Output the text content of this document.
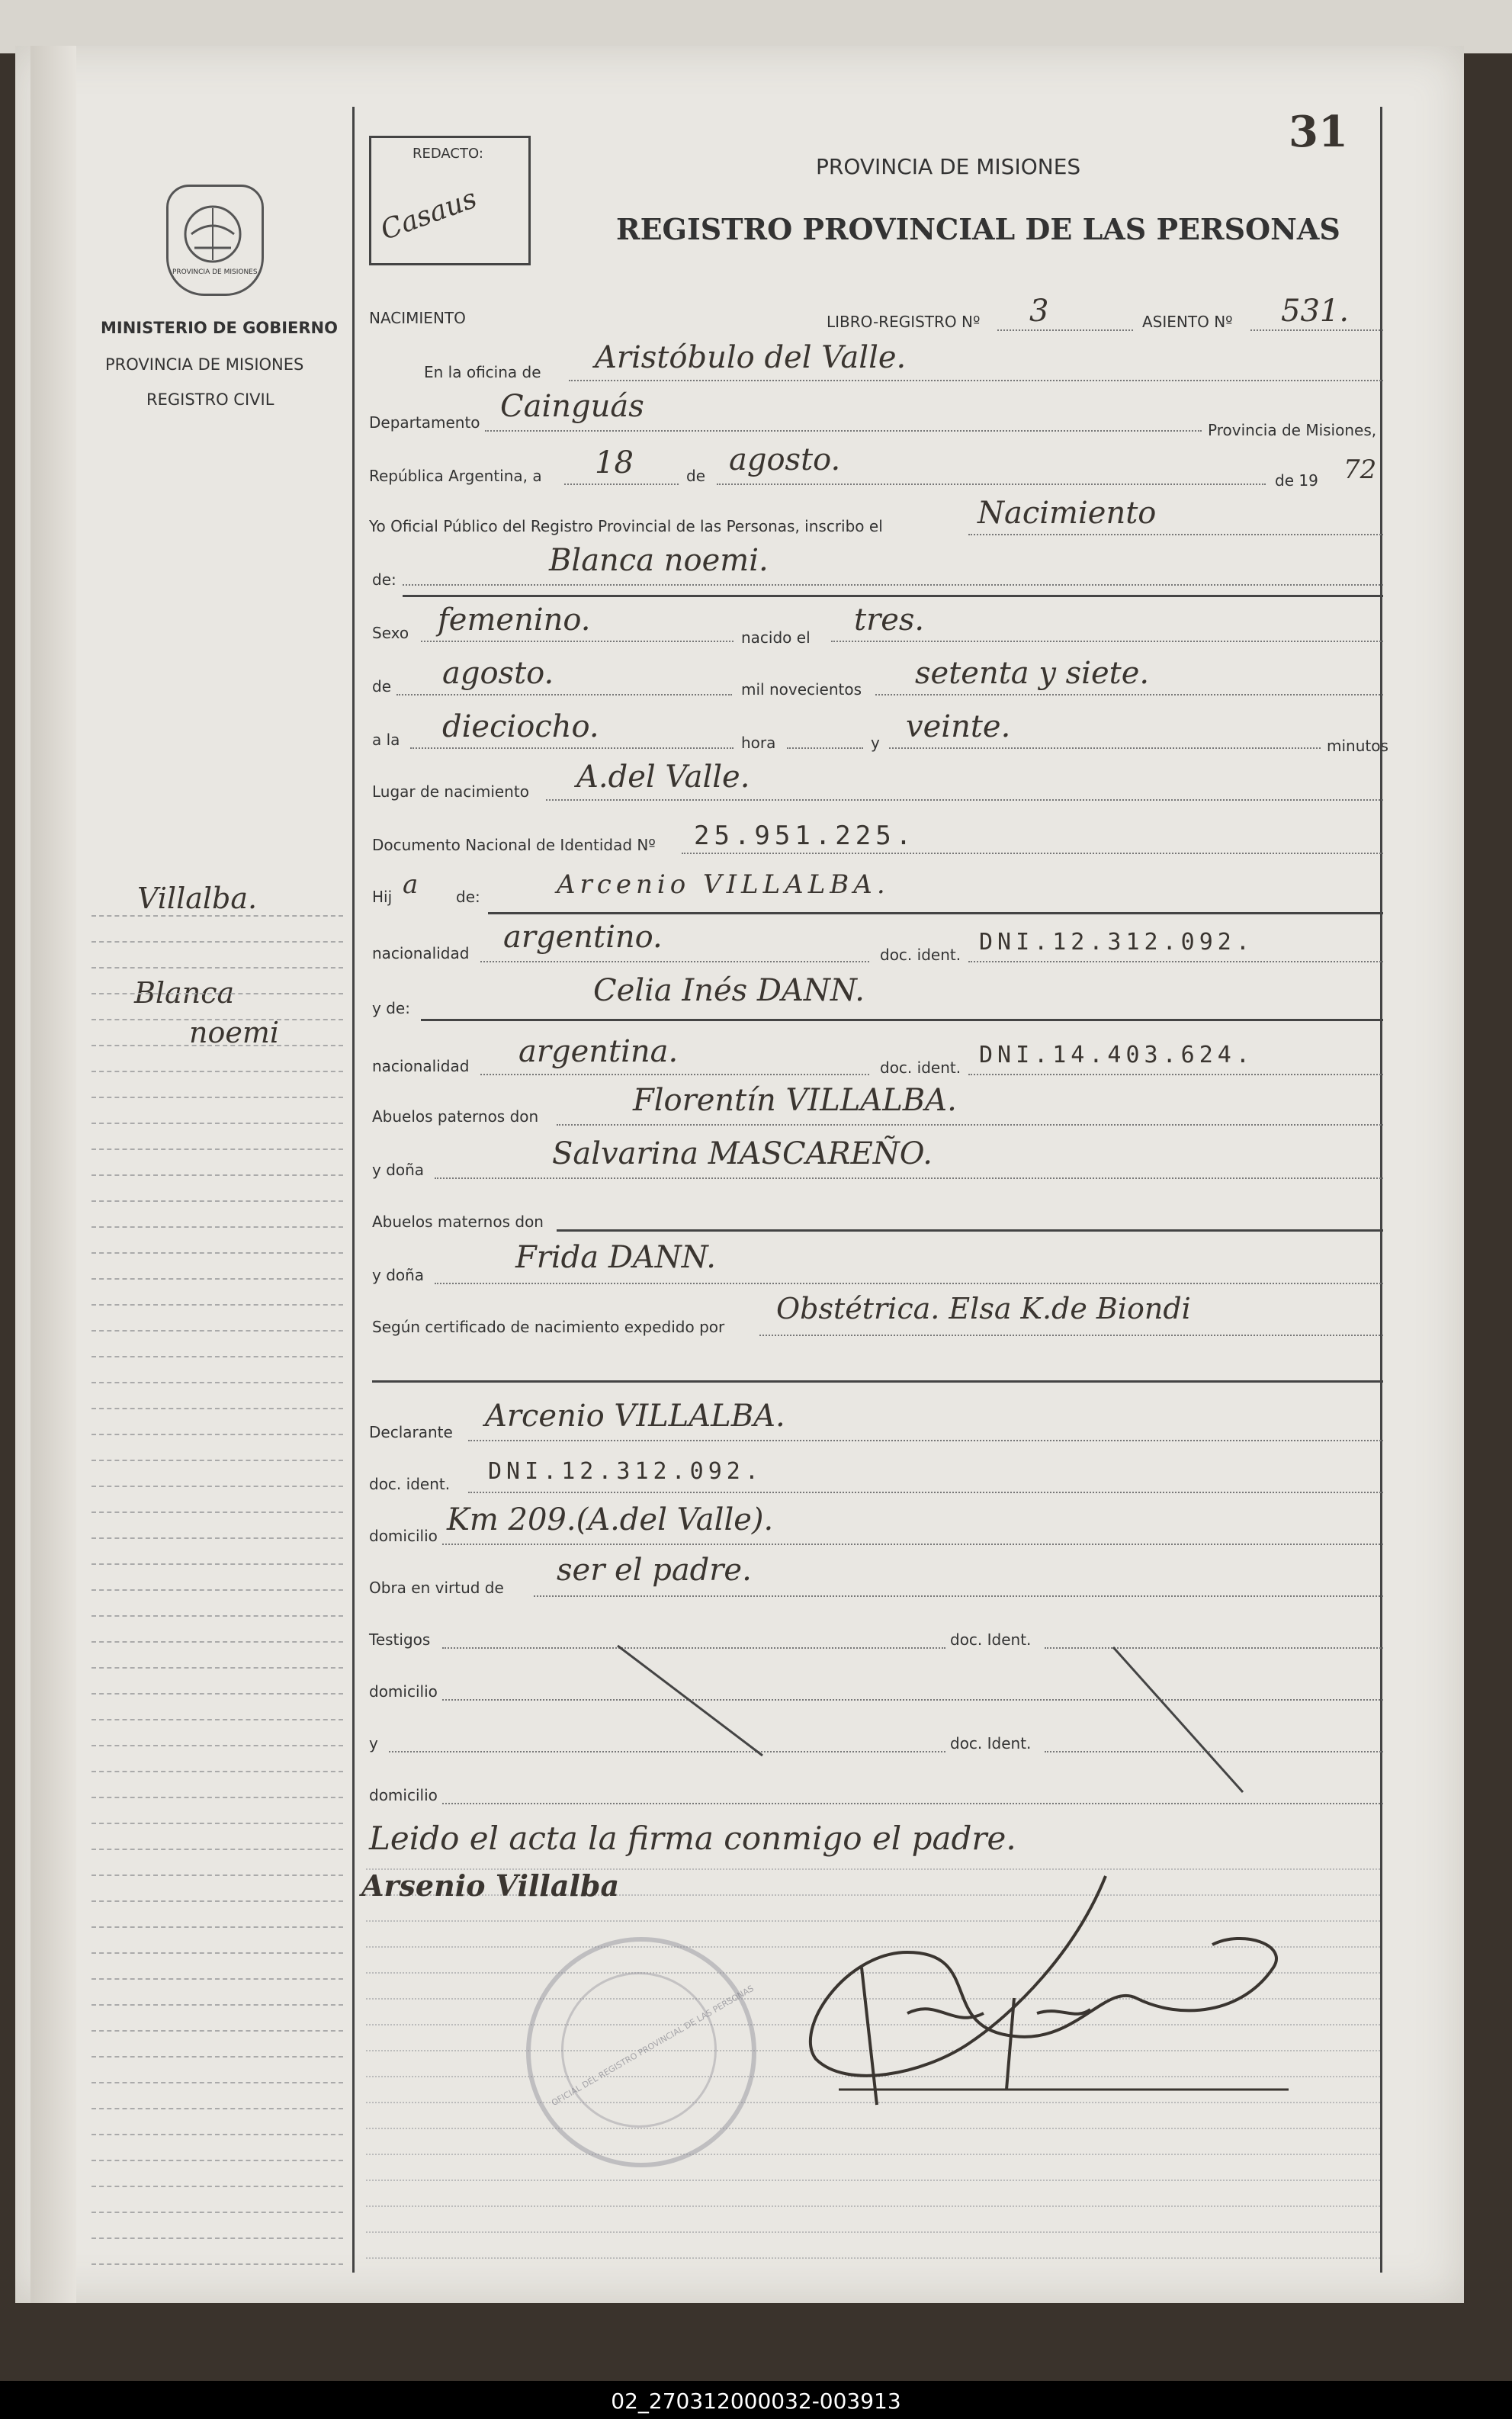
31
REDACTO:
Casaus
PROVINCIA DE MISIONES
REGISTRO PROVINCIAL DE LAS PERSONAS
PROVINCIA DE MISIONES
MINISTERIO DE GOBIERNO
PROVINCIA DE MISIONES
REGISTRO CIVIL
Villalba.
Blanca
noemi
NACIMIENTO	LIBRO-REGISTRO Nº 3	ASIENTO Nº 531.
En la oficina de Aristóbulo del Valle.
Departamento Cainguás
Provincia de Misiones,
República Argentina, a 18	de agosto.
de 19 72
Yo Oficial Público del Registro Provincial de las Personas, inscribo el	Nacimiento
de:
Blanca noemi.
Sexo femenino.	nacido el tres.
de agosto.	mil novecientos setenta y siete.
a la dieciocho.	hora	y veinte.
minutos
Lugar de nacimiento A.del Valle.
Documento Nacional de Identidad Nº 25.951.225.
Hij a de:	Arcenio VILLALBA.
nacionalidad argentino.	doc. ident. DNI.12.312.092.
y de:	Celia Inés DANN.
nacionalidad argentina.	doc. ident. DNI.14.403.624.
Abuelos paternos don	Florentín VILLALBA.
y doña	Salvarina MASCAREÑO.
Abuelos maternos don
y doña	Frida DANN.
Según certificado de nacimiento expedido por
Obstétrica. Elsa K.de Biondi
Declarante Arcenio VILLALBA.
doc. ident. DNI.12.312.092.
domicilio Km 209.(A.del Valle).
Obra en virtud de ser el padre.
Testigos	doc. Ident.
domicilio
y	doc. Ident.
domicilio
Leido el acta la firma conmigo el padre.
Arsenio Villalba
OFICIAL DEL REGISTRO PROVINCIAL DE LAS PERSONAS
02_270312000032-003913
